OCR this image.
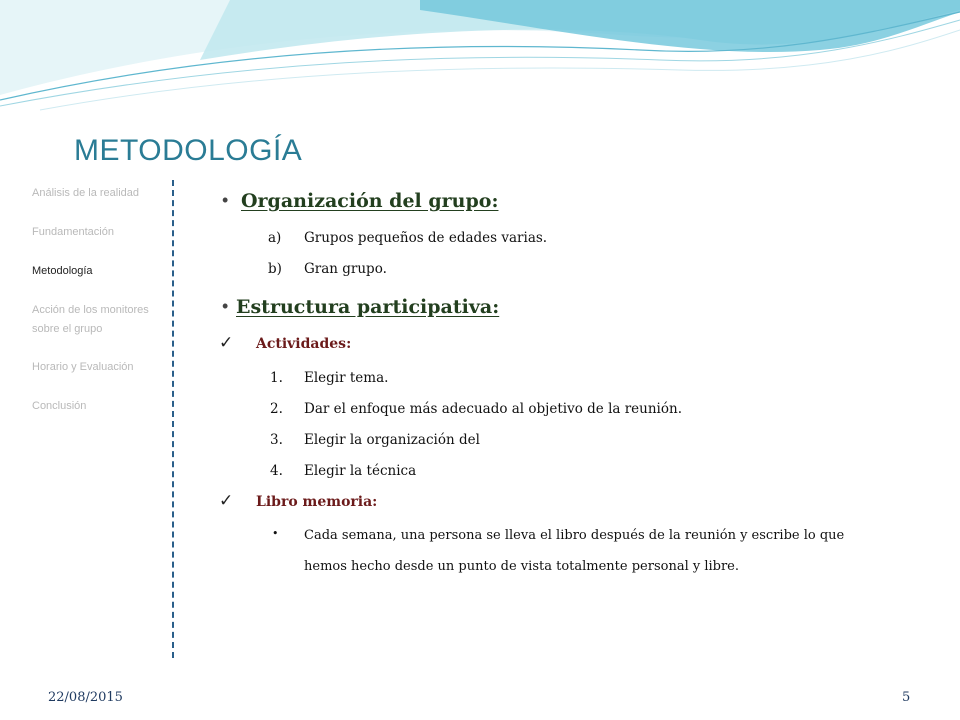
METODOLOGÍA
Análisis de la realidad
Fundamentación
Metodología
Acción de los monitores sobre el grupo
Horario y Evaluación
Conclusión
• Organización del grupo:
a) Grupos pequeños de edades varias.
b) Gran grupo.
• Estructura participativa:
✓ Actividades:
1. Elegir tema.
2. Dar el enfoque más adecuado al objetivo de la reunión.
3. Elegir la organización del
4. Elegir la técnica
✓ Libro memoria:
• Cada semana, una persona se lleva el libro después de la reunión y escribe lo que
hemos hecho desde un punto de vista totalmente personal y libre.
22/08/2015	5
